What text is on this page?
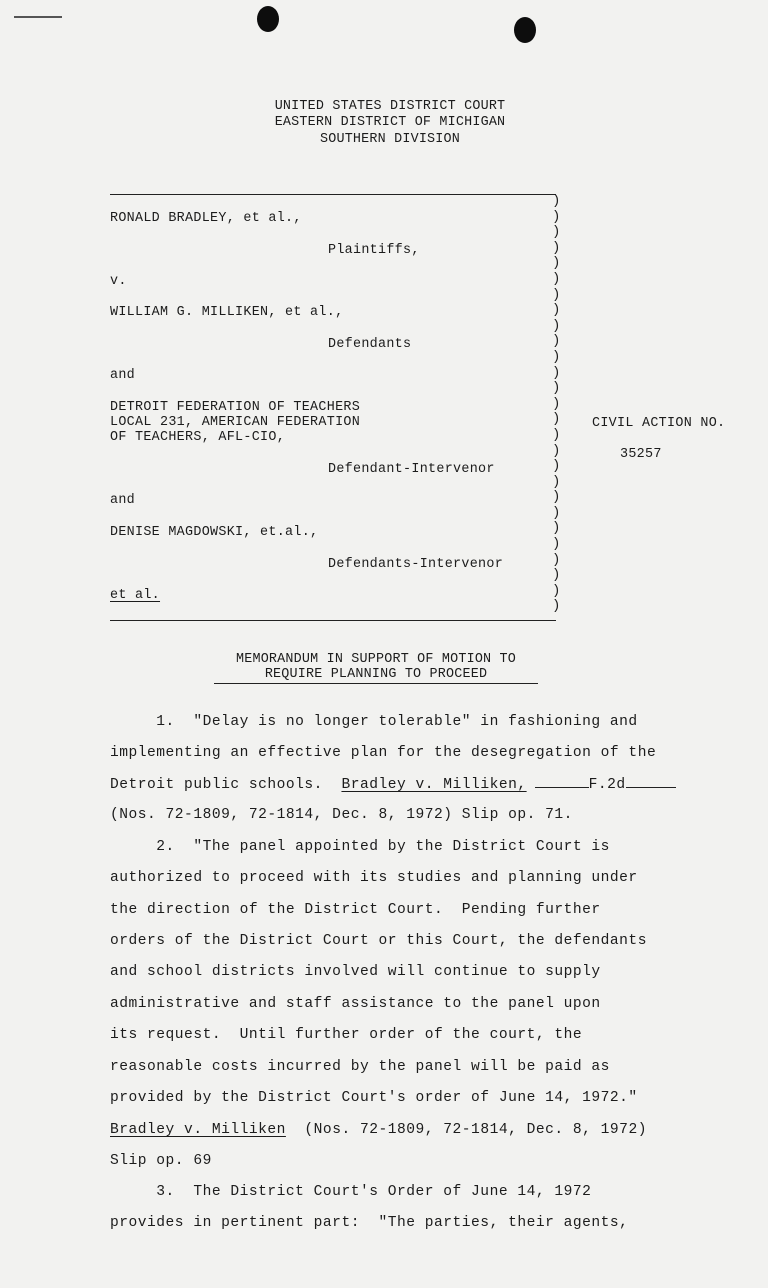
UNITED STATES DISTRICT COURT
EASTERN DISTRICT OF MICHIGAN
SOUTHERN DIVISION
)
)
)
)
)
)
)
)
)
)
)
)
)
)
)
)
)
)
)
)
)
)
)
)
)
)
)
RONALD BRADLEY, et al.,
Plaintiffs,
v.
WILLIAM G. MILLIKEN, et al.,
Defendants
and
DETROIT FEDERATION OF TEACHERS
LOCAL 231, AMERICAN FEDERATION
OF TEACHERS, AFL-CIO,
Defendant-Intervenor
and
DENISE MAGDOWSKI, et.al.,
Defendants-Intervenor
et al.
CIVIL ACTION NO.
35257
MEMORANDUM IN SUPPORT OF MOTION TO
REQUIRE PLANNING TO PROCEED
1.  "Delay is no longer tolerable" in fashioning and
implementing an effective plan for the desegregation of the
Detroit public schools.  Bradley v. Milliken,	F.2d
(Nos. 72-1809, 72-1814, Dec. 8, 1972) Slip op. 71.
2.  "The panel appointed by the District Court is
authorized to proceed with its studies and planning under
the direction of the District Court.  Pending further
orders of the District Court or this Court, the defendants
and school districts involved will continue to supply
administrative and staff assistance to the panel upon
its request.  Until further order of the court, the
reasonable costs incurred by the panel will be paid as
provided by the District Court's order of June 14, 1972."
Bradley v. Milliken  (Nos. 72-1809, 72-1814, Dec. 8, 1972)
Slip op. 69
3.  The District Court's Order of June 14, 1972
provides in pertinent part:  "The parties, their agents,
